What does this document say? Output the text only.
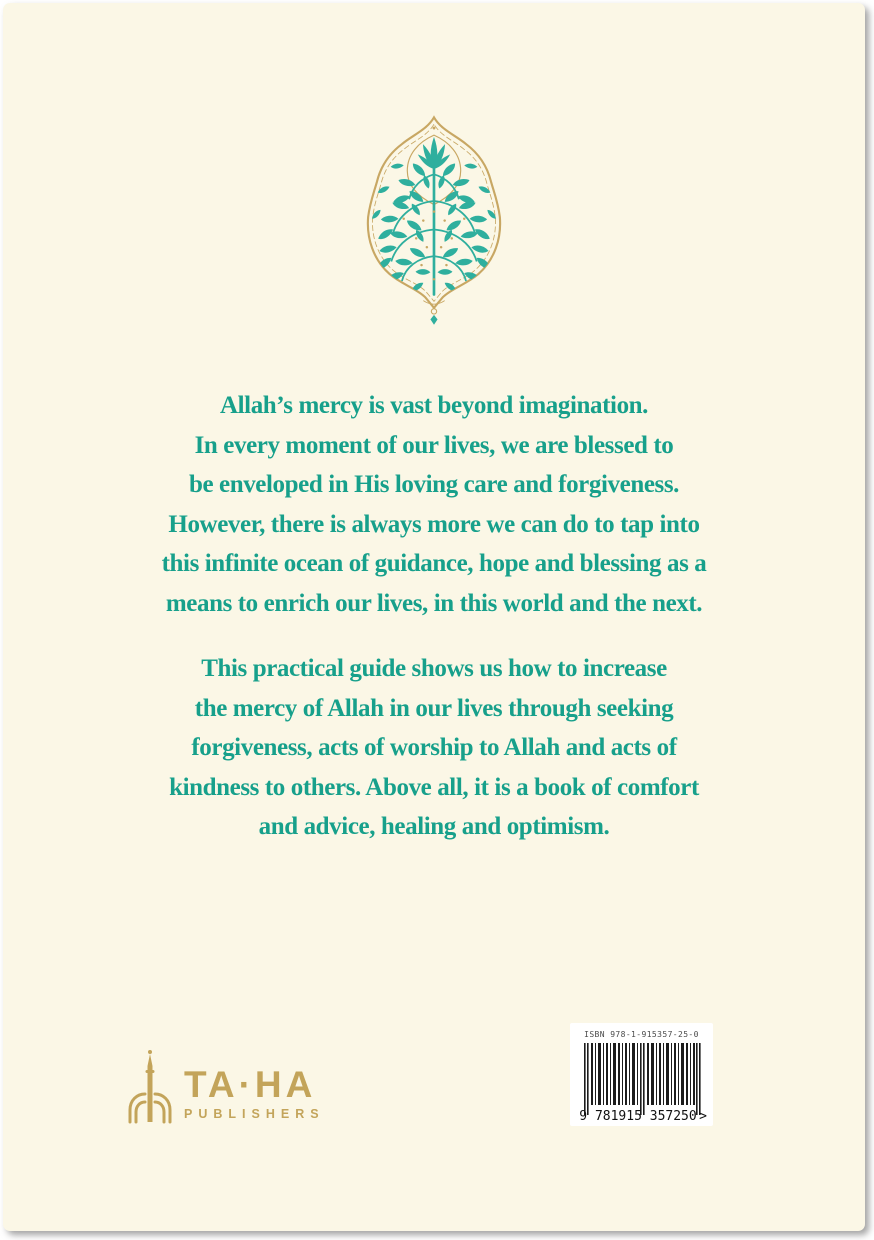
Allah’s mercy is vast beyond imagination.
In every moment of our lives, we are blessed to
be enveloped in His loving care and forgiveness.
However, there is always more we can do to tap into
this infinite ocean of guidance, hope and blessing as a
means to enrich our lives, in this world and the next.

This practical guide shows us how to increase
the mercy of Allah in our lives through seeking
forgiveness, acts of worship to Allah and acts of
kindness to others. Above all, it is a book of comfort
and advice, healing and optimism.

TA·HA
PUBLISHERS
ISBN 978-1-915357-25-0
9 781915 357250 >
